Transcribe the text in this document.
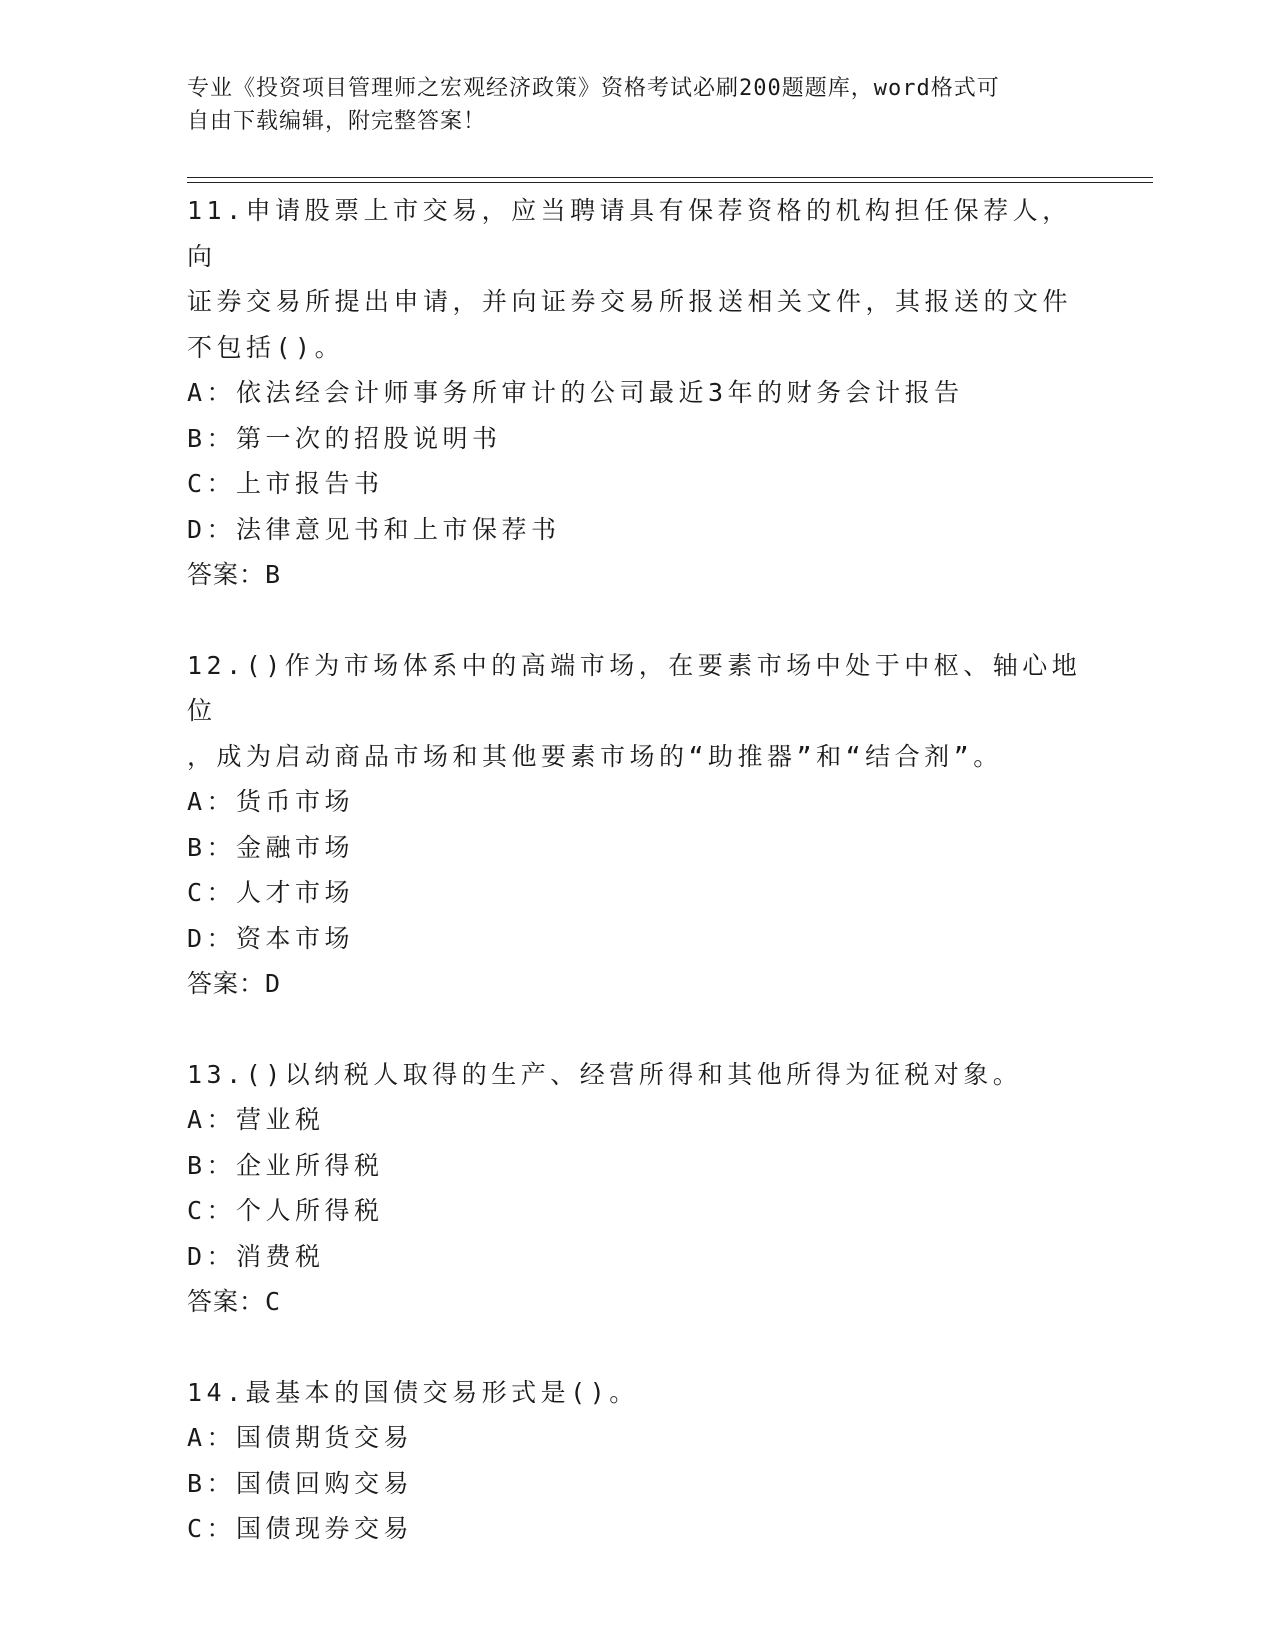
专业《投资项目管理师之宏观经济政策》资格考试必刷200题题库，word格式可
自由下载编辑，附完整答案！

11.申请股票上市交易，应当聘请具有保荐资格的机构担任保荐人，向

证券交易所提出申请，并向证券交易所报送相关文件，其报送的文件

不包括()。

A：依法经会计师事务所审计的公司最近3年的财务会计报告

B：第一次的招股说明书

C：上市报告书

D：法律意见书和上市保荐书

答案：B

12.()作为市场体系中的高端市场，在要素市场中处于中枢、轴心地位

，成为启动商品市场和其他要素市场的“助推器”和“结合剂”。

A：货币市场

B：金融市场

C：人才市场

D：资本市场

答案：D

13.()以纳税人取得的生产、经营所得和其他所得为征税对象。

A：营业税

B：企业所得税

C：个人所得税

D：消费税

答案：C

14.最基本的国债交易形式是()。

A：国债期货交易

B：国债回购交易

C：国债现券交易
